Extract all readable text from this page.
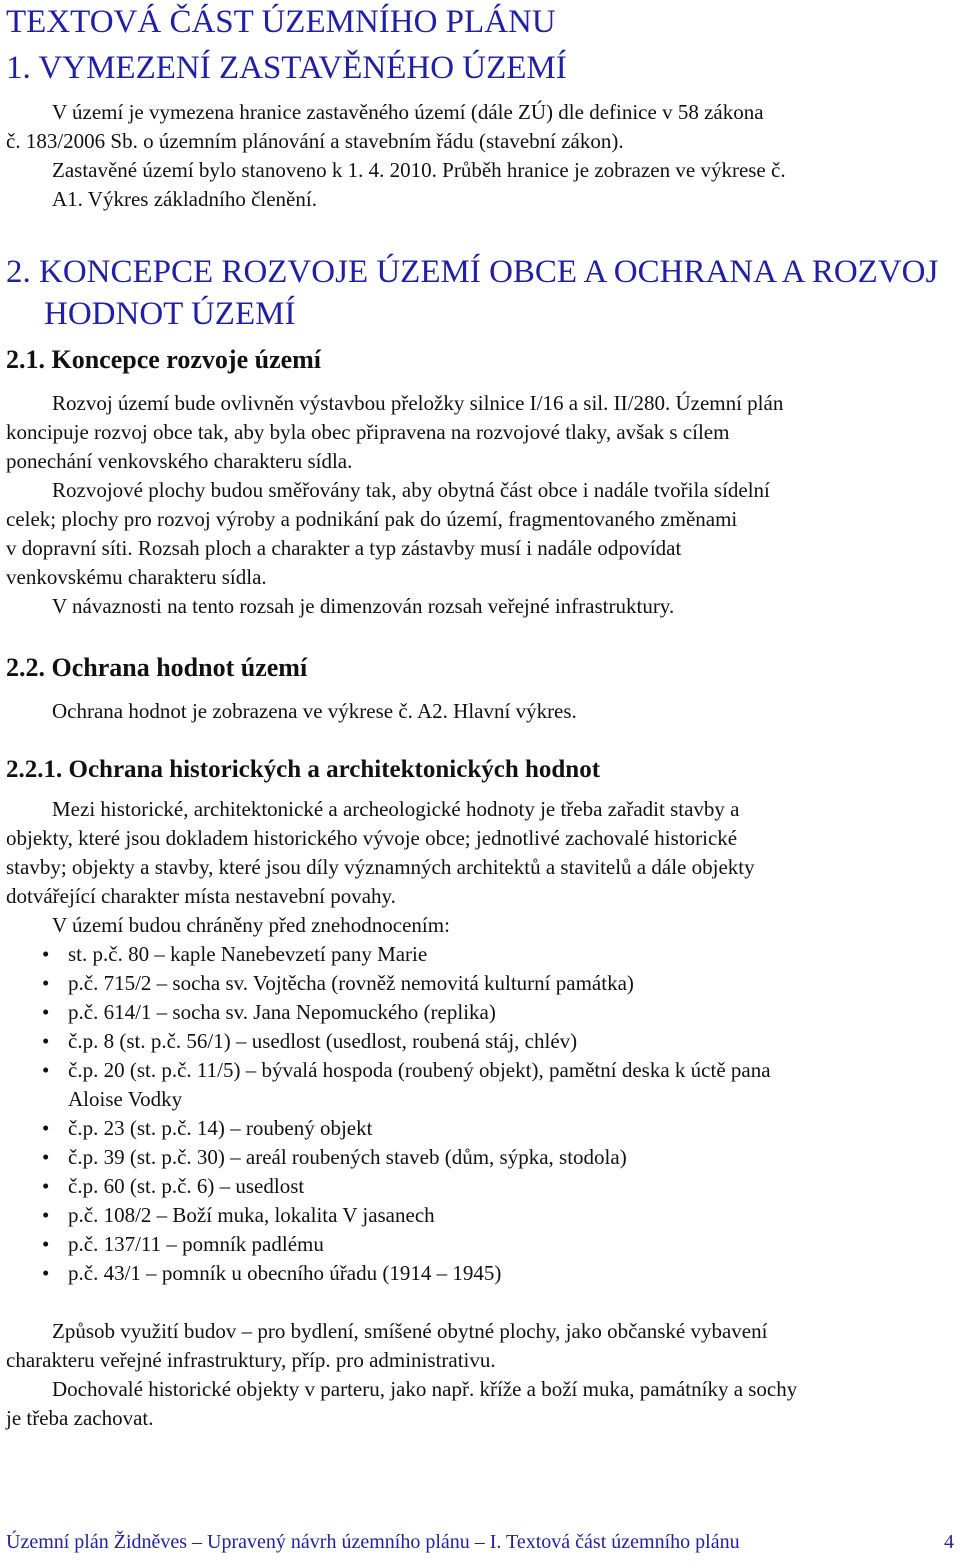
TEXTOVÁ ČÁST ÚZEMNÍHO PLÁNU
1. VYMEZENÍ ZASTAVĚNÉHO ÚZEMÍ

V území je vymezena hranice zastavěného území (dále ZÚ) dle definice v 58 zákona

č. 183/2006 Sb. o územním plánování a stavebním řádu (stavební zákon).

Zastavěné území bylo stanoveno k 1. 4. 2010. Průběh hranice je zobrazen ve výkrese č.

A1. Výkres základního členění.

2. KONCEPCE ROZVOJE ÚZEMÍ OBCE A OCHRANA A ROZVOJ
HODNOT ÚZEMÍ
2.1. Koncepce rozvoje území

Rozvoj území bude ovlivněn výstavbou přeložky silnice I/16 a sil. II/280. Územní plán

koncipuje rozvoj obce tak, aby byla obec připravena na rozvojové tlaky, avšak s cílem

ponechání venkovského charakteru sídla.

Rozvojové plochy budou směřovány tak, aby obytná část obce i nadále tvořila sídelní

celek; plochy pro rozvoj výroby a podnikání pak do území, fragmentovaného změnami

v dopravní síti. Rozsah ploch a charakter a typ zástavby musí i nadále odpovídat

venkovskému charakteru sídla.

V návaznosti na tento rozsah je dimenzován rozsah veřejné infrastruktury.

2.2. Ochrana hodnot území

Ochrana hodnot je zobrazena ve výkrese č. A2. Hlavní výkres.

2.2.1. Ochrana historických a architektonických hodnot

Mezi historické, architektonické a archeologické hodnoty je třeba zařadit stavby a

objekty, které jsou dokladem historického vývoje obce; jednotlivé zachovalé historické

stavby; objekty a stavby, které jsou díly významných architektů a stavitelů a dále objekty

dotvářející charakter místa nestavební povahy.

V území budou chráněny před znehodnocením:

• st. p.č. 80 – kaple Nanebevzetí pany Marie
• p.č. 715/2 – socha sv. Vojtěcha (rovněž nemovitá kulturní památka)
• p.č. 614/1 – socha sv. Jana Nepomuckého (replika)
• č.p. 8 (st. p.č. 56/1) – usedlost (usedlost, roubená stáj, chlév)
• č.p. 20 (st. p.č. 11/5) – bývalá hospoda (roubený objekt), pamětní deska k úctě pana
Aloise Vodky
• č.p. 23 (st. p.č. 14) – roubený objekt
• č.p. 39 (st. p.č. 30) – areál roubených staveb (dům, sýpka, stodola)
• č.p. 60 (st. p.č. 6) – usedlost
• p.č. 108/2 – Boží muka, lokalita V jasanech
• p.č. 137/11 – pomník padlému
• p.č. 43/1 – pomník u obecního úřadu (1914 – 1945)

Způsob využití budov – pro bydlení, smíšené obytné plochy, jako občanské vybavení

charakteru veřejné infrastruktury, příp. pro administrativu.

Dochovalé historické objekty v parteru, jako např. kříže a boží muka, památníky a sochy

je třeba zachovat.

Územní plán Židněves – Upravený návrh územního plánu – I. Textová část územního plánu	4
